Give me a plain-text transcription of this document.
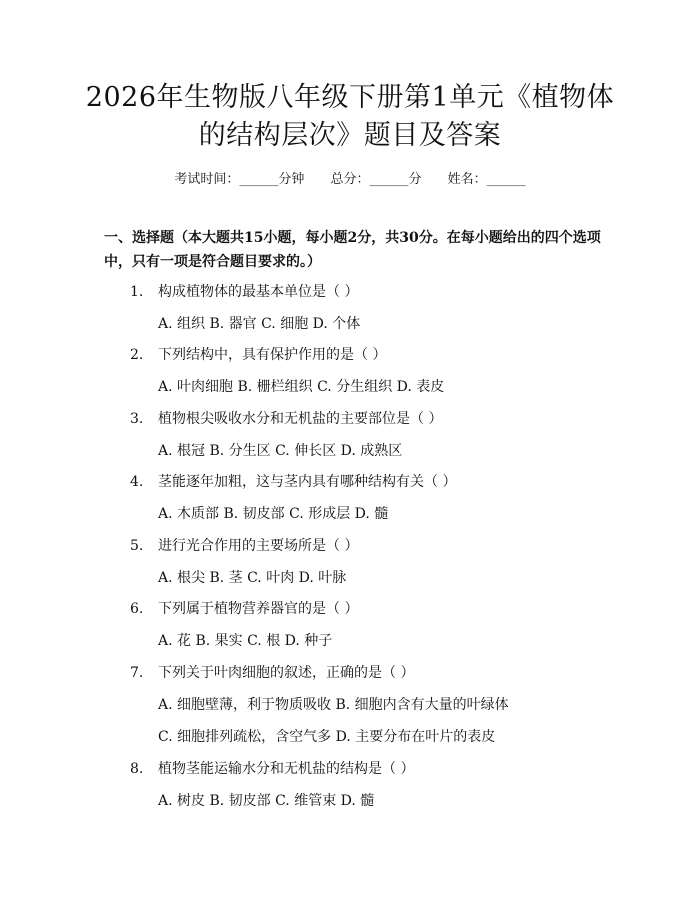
2026年生物版八年级下册第1单元《植物体
的结构层次》题目及答案
考试时间：______分钟 总分：______分 姓名：______
一、选择题（本大题共15小题，每小题2分，共30分。在每小题给出的四个选项中，只有一项是符合题目要求的。）
1. 构成植物体的最基本单位是（ ）
A. 组织 B. 器官 C. 细胞 D. 个体
2. 下列结构中，具有保护作用的是（ ）
A. 叶肉细胞 B. 栅栏组织 C. 分生组织 D. 表皮
3. 植物根尖吸收水分和无机盐的主要部位是（ ）
A. 根冠 B. 分生区 C. 伸长区 D. 成熟区
4. 茎能逐年加粗，这与茎内具有哪种结构有关（ ）
A. 木质部 B. 韧皮部 C. 形成层 D. 髓
5. 进行光合作用的主要场所是（ ）
A. 根尖 B. 茎 C. 叶肉 D. 叶脉
6. 下列属于植物营养器官的是（ ）
A. 花 B. 果实 C. 根 D. 种子
7. 下列关于叶肉细胞的叙述，正确的是（ ）
A. 细胞壁薄，利于物质吸收 B. 细胞内含有大量的叶绿体
C. 细胞排列疏松，含空气多 D. 主要分布在叶片的表皮
8. 植物茎能运输水分和无机盐的结构是（ ）
A. 树皮 B. 韧皮部 C. 维管束 D. 髓
